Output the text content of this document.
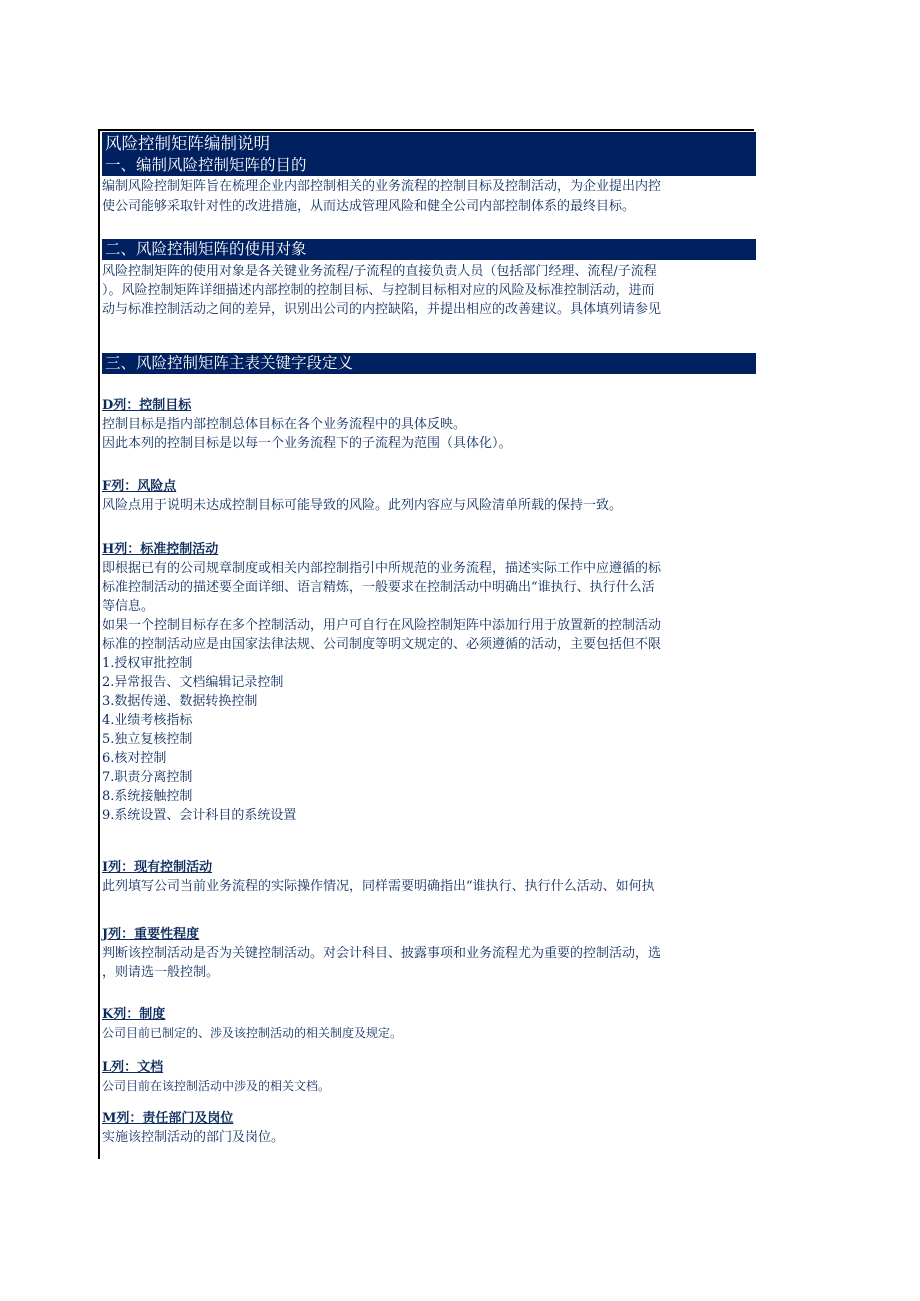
风险控制矩阵编制说明
一、编制风险控制矩阵的目的
编制风险控制矩阵旨在梳理企业内部控制相关的业务流程的控制目标及控制活动，为企业提出内控
使公司能够采取针对性的改进措施，从而达成管理风险和健全公司内部控制体系的最终目标。
二、风险控制矩阵的使用对象
风险控制矩阵的使用对象是各关键业务流程/子流程的直接负责人员（包括部门经理、流程/子流程
）。风险控制矩阵详细描述内部控制的控制目标、与控制目标相对应的风险及标准控制活动，进而
动与标准控制活动之间的差异，识别出公司的内控缺陷，并提出相应的改善建议。具体填列请参见
三、风险控制矩阵主表关键字段定义
D列：控制目标
控制目标是指内部控制总体目标在各个业务流程中的具体反映。
因此本列的控制目标是以每一个业务流程下的子流程为范围（具体化）。
F列：风险点
风险点用于说明未达成控制目标可能导致的风险。此列内容应与风险清单所载的保持一致。
H列：标准控制活动
即根据已有的公司规章制度或相关内部控制指引中所规范的业务流程，描述实际工作中应遵循的标
标准控制活动的描述要全面详细、语言精炼，一般要求在控制活动中明确出“谁执行、执行什么活
等信息。
如果一个控制目标存在多个控制活动，用户可自行在风险控制矩阵中添加行用于放置新的控制活动
标准的控制活动应是由国家法律法规、公司制度等明文规定的、必须遵循的活动，主要包括但不限
1.授权审批控制
2.异常报告、文档编辑记录控制
3.数据传递、数据转换控制
4.业绩考核指标
5.独立复核控制
6.核对控制
7.职责分离控制
8.系统接触控制
9.系统设置、会计科目的系统设置
I列：现有控制活动
此列填写公司当前业务流程的实际操作情况，同样需要明确指出“谁执行、执行什么活动、如何执
J列：重要性程度
判断该控制活动是否为关键控制活动。对会计科目、披露事项和业务流程尤为重要的控制活动，选
，则请选一般控制。
K列：制度
公司目前已制定的、涉及该控制活动的相关制度及规定。
L列：文档
公司目前在该控制活动中涉及的相关文档。
M列：责任部门及岗位
实施该控制活动的部门及岗位。
